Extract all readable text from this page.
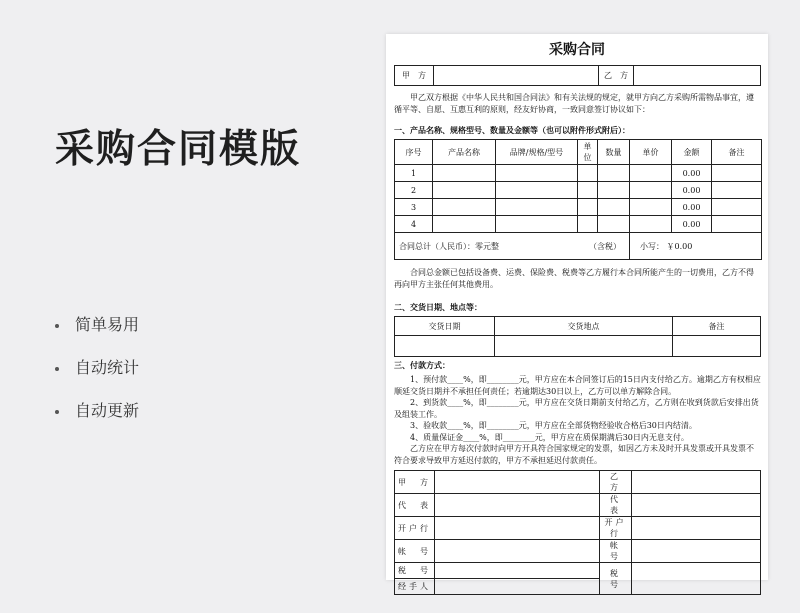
采购合同模版
简单易用
自动统计
自动更新
采购合同
甲　方		乙　方	

甲乙双方根据《中华人民共和国合同法》和有关法规的规定，就甲方向乙方采购所需物品事宜，遵循平等、自愿、互惠互利的原则，经友好协商，一致同意签订协议如下：

一、产品名称、规格型号、数量及金额等（也可以附件形式附后）：

序号	产品名称	品牌/规格/型号	单位	数量	单价	金额	备注
1						0.00	
2						0.00	
3						0.00	
4						0.00	
合同总计（人民币）：零元整 （含税）					小写： ￥0.00		

合同总金额已包括设备费、运费、保险费、税费等乙方履行本合同所能产生的一切费用，乙方不得再向甲方主张任何其他费用。

二、交货日期、地点等：

交货日期	交货地点	备注

三、付款方式：

1、预付款____%，即________元，甲方应在本合同签订后的15日内支付给乙方。逾期乙方有权相应顺延交货日期并不承担任何责任；若逾期达30日以上，乙方可以单方解除合同。

2、到货款____%，即________元，甲方应在交货日期前支付给乙方，乙方则在收到货款后安排出货及组装工作。

3、验收款____%，即________元，甲方应在全部货物经验收合格后30日内结清。

4、质量保证金____%，即________元，甲方应在质保期满后30日内无息支付。

乙方应在甲方每次付款时向甲方开具符合国家规定的发票，如因乙方未及时开具发票或开具发票不符合要求导致甲方延迟付款的，甲方不承担延迟付款责任。

甲　方		乙　方	
代　表		代　表	
开户行		开户行	
帐　号		帐　号	
税　号		税　号	
经手人			
